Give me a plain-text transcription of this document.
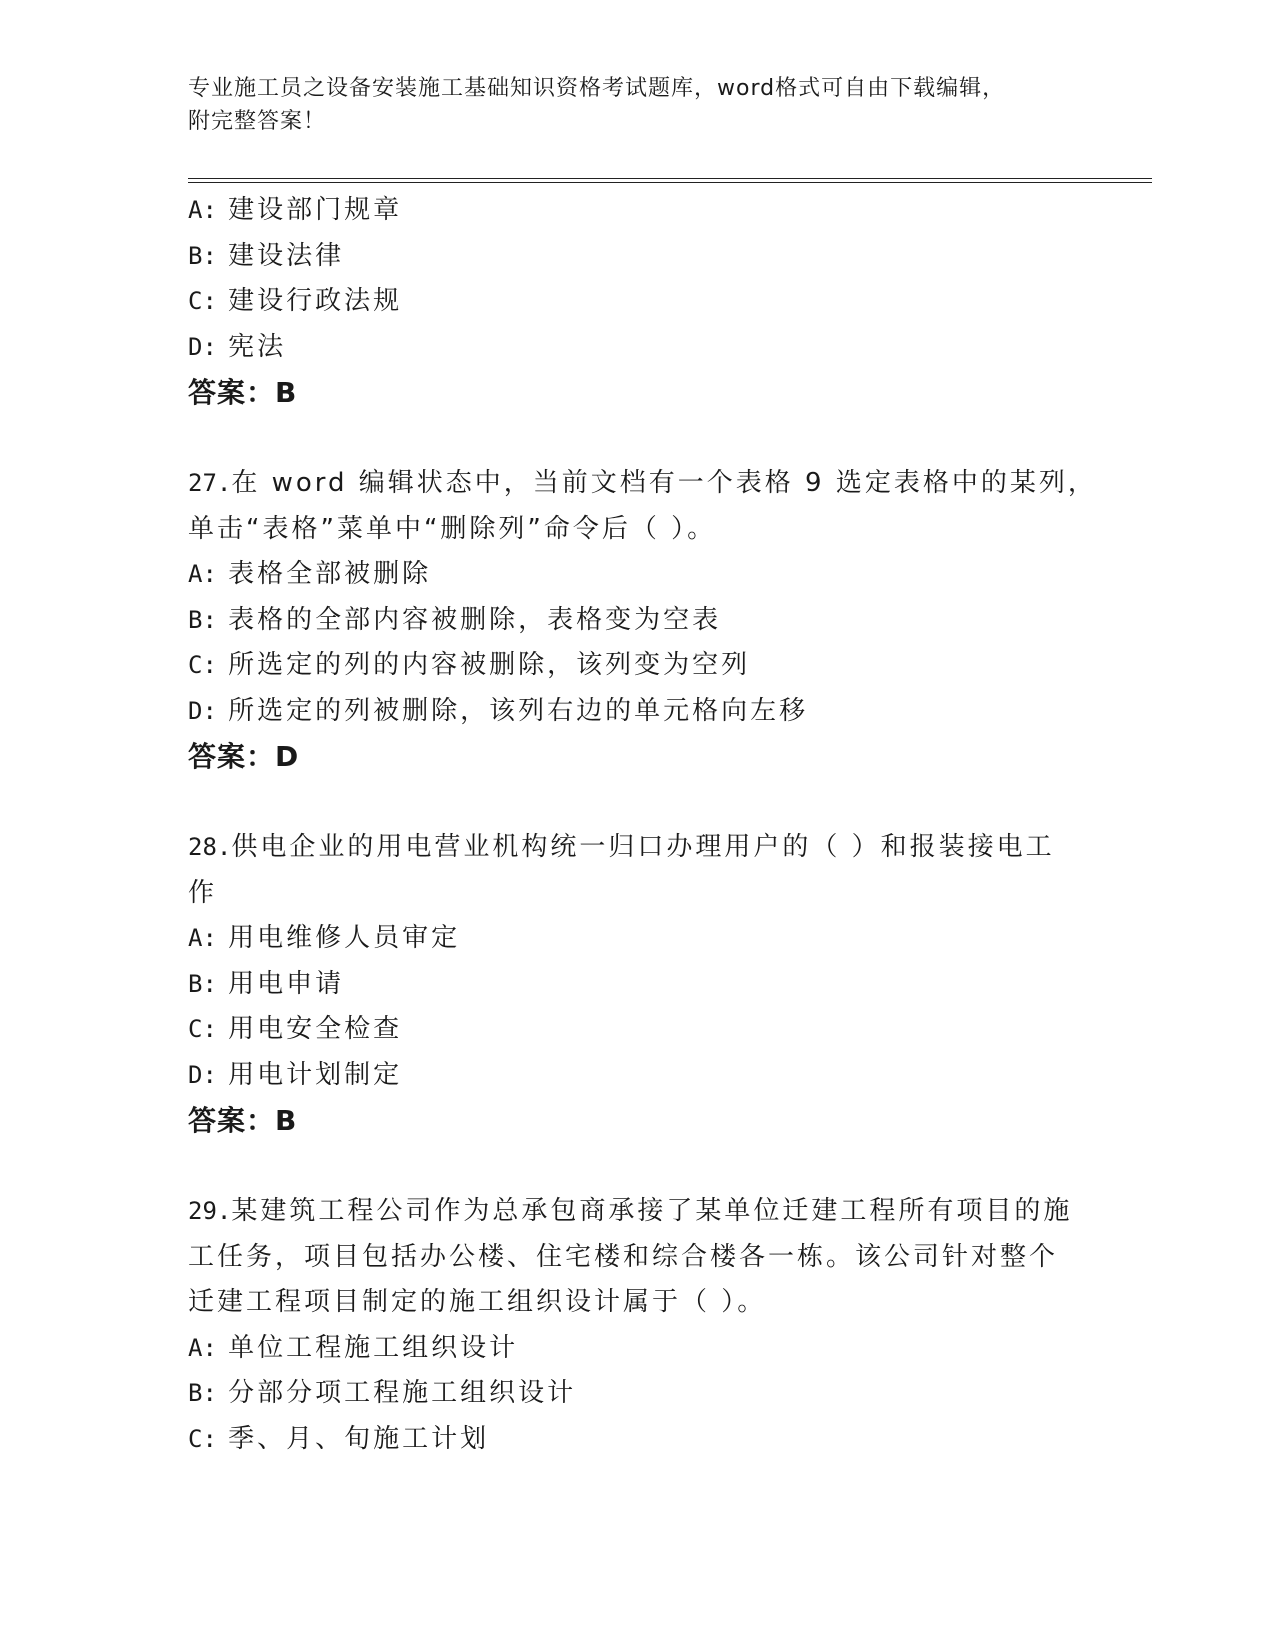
专业施工员之设备安装施工基础知识资格考试题库，word格式可自由下载编辑，
附完整答案！
A: 建设部门规章
B: 建设法律
C: 建设行政法规
D: 宪法
答案：B
27.在 word 编辑状态中，当前文档有一个表格 9 选定表格中的某列，
单击“表格”菜单中“删除列”命令后（ ）。
A: 表格全部被删除
B: 表格的全部内容被删除，表格变为空表
C: 所选定的列的内容被删除，该列变为空列
D: 所选定的列被删除，该列右边的单元格向左移
答案：D
28.供电企业的用电营业机构统一归口办理用户的（ ）和报装接电工
作
A: 用电维修人员审定
B: 用电申请
C: 用电安全检查
D: 用电计划制定
答案：B
29.某建筑工程公司作为总承包商承接了某单位迁建工程所有项目的施
工任务，项目包括办公楼、住宅楼和综合楼各一栋。该公司针对整个
迁建工程项目制定的施工组织设计属于（ ）。
A: 单位工程施工组织设计
B: 分部分项工程施工组织设计
C: 季、月、旬施工计划
